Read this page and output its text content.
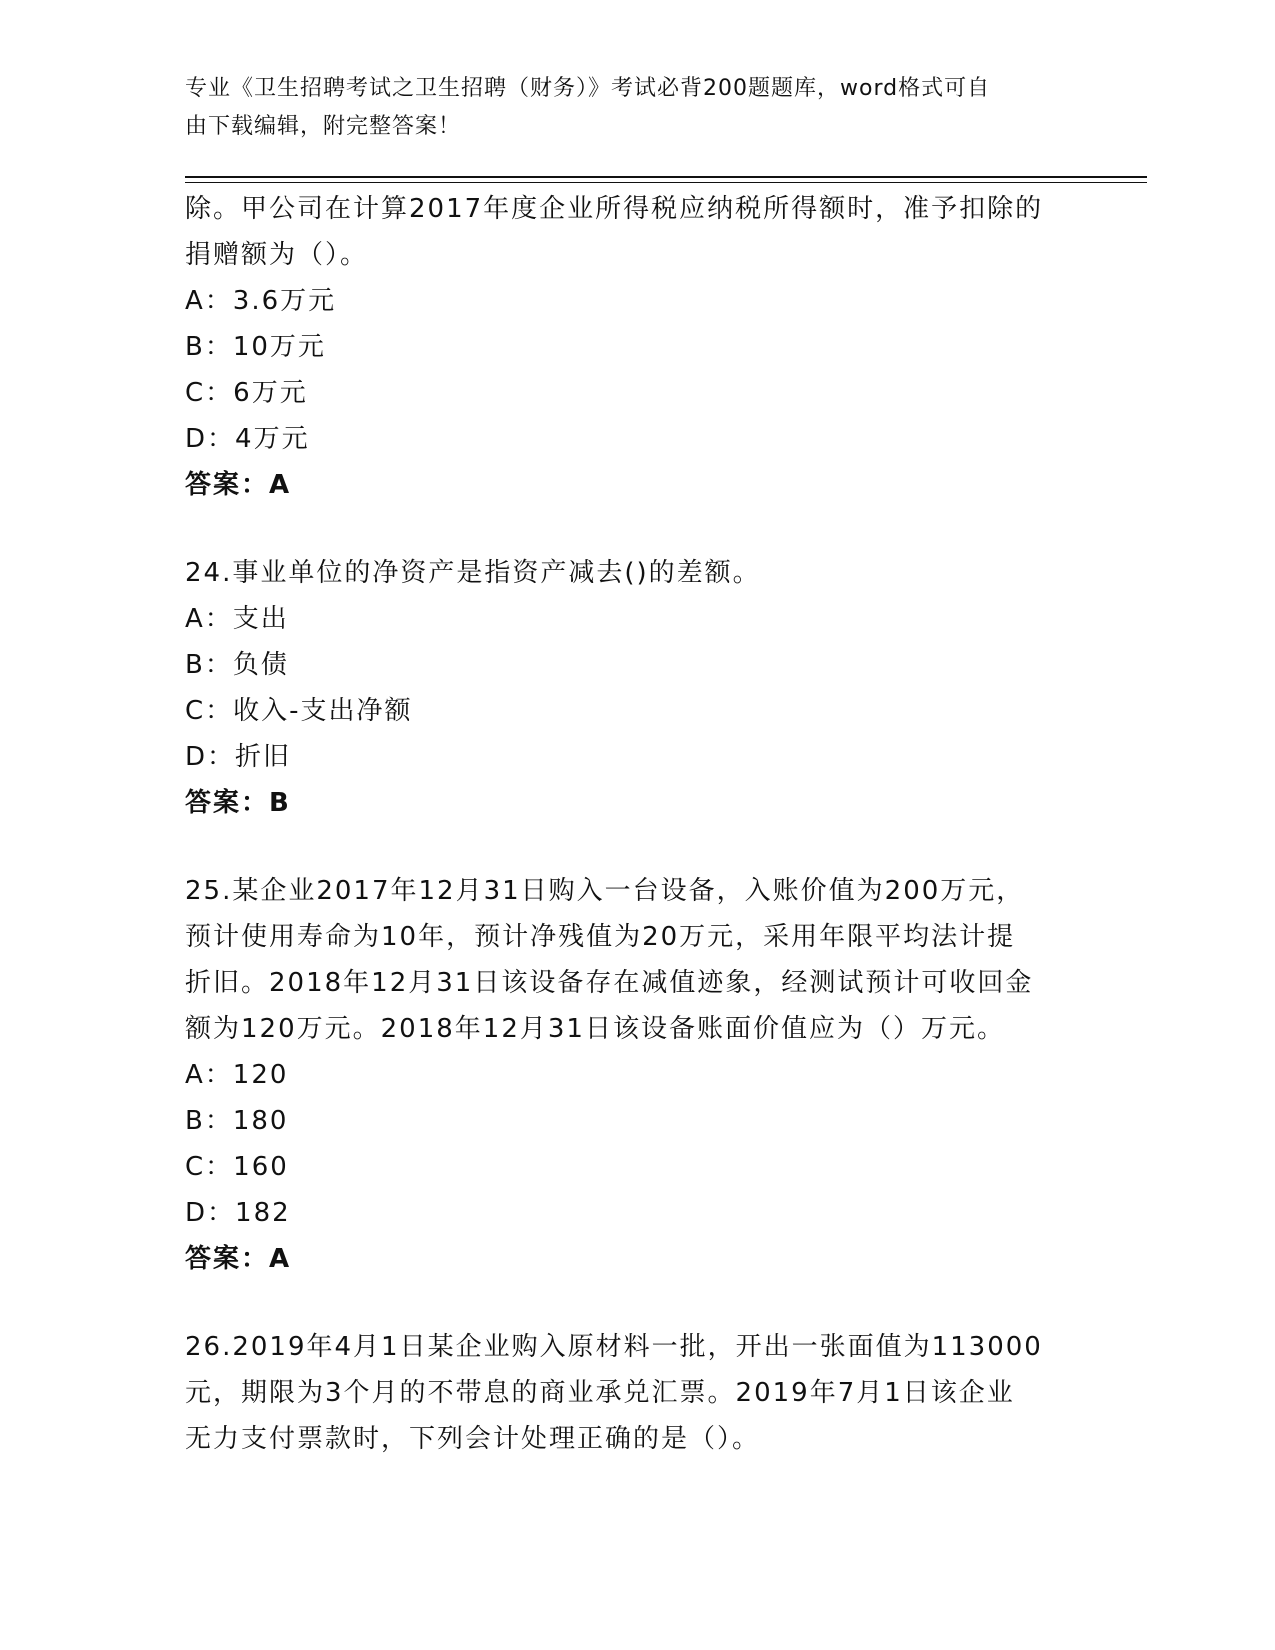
专业《卫生招聘考试之卫生招聘（财务）》考试必背200题题库，word格式可自
由下载编辑，附完整答案！
除。甲公司在计算2017年度企业所得税应纳税所得额时，准予扣除的
捐赠额为（）。
A：3.6万元
B：10万元
C：6万元
D：4万元
答案：A
24.事业单位的净资产是指资产减去()的差额。
A：支出
B：负债
C：收入-支出净额
D：折旧
答案：B
25.某企业2017年12月31日购入一台设备，入账价值为200万元，
预计使用寿命为10年，预计净残值为20万元，采用年限平均法计提
折旧。2018年12月31日该设备存在减值迹象，经测试预计可收回金
额为120万元。2018年12月31日该设备账面价值应为（）万元。
A：120
B：180
C：160
D：182
答案：A
26.2019年4月1日某企业购入原材料一批，开出一张面值为113000
元，期限为3个月的不带息的商业承兑汇票。2019年7月1日该企业
无力支付票款时，下列会计处理正确的是（）。
